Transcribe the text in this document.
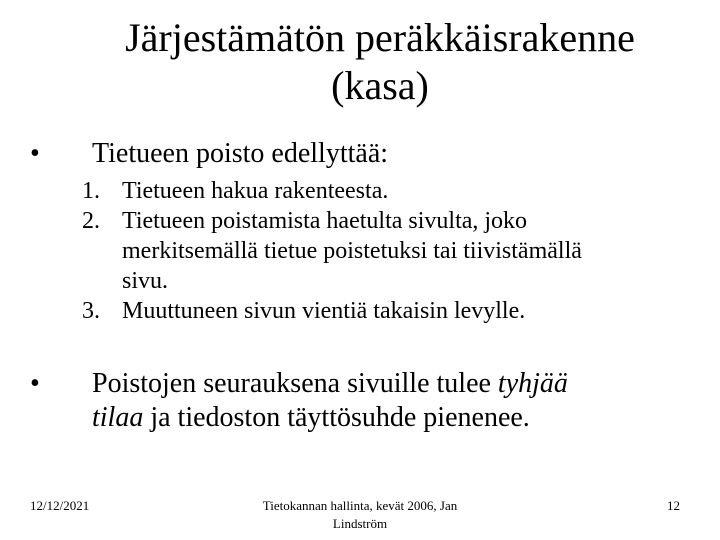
Järjestämätön peräkkäisrakenne
(kasa)
• Tietueen poisto edellyttää:
1. Tietueen hakua rakenteesta.
2. Tietueen poistamista haetulta sivulta, joko
merkitsemällä tietue poistetuksi tai tiivistämällä
sivu.
3. Muuttuneen sivun vientiä takaisin levylle.
• Poistojen seurauksena sivuille tulee tyhjää
tilaa ja tiedoston täyttösuhde pienenee.
12/12/2021	Tietokannan hallinta, kevät 2006, Jan
Lindström
12
